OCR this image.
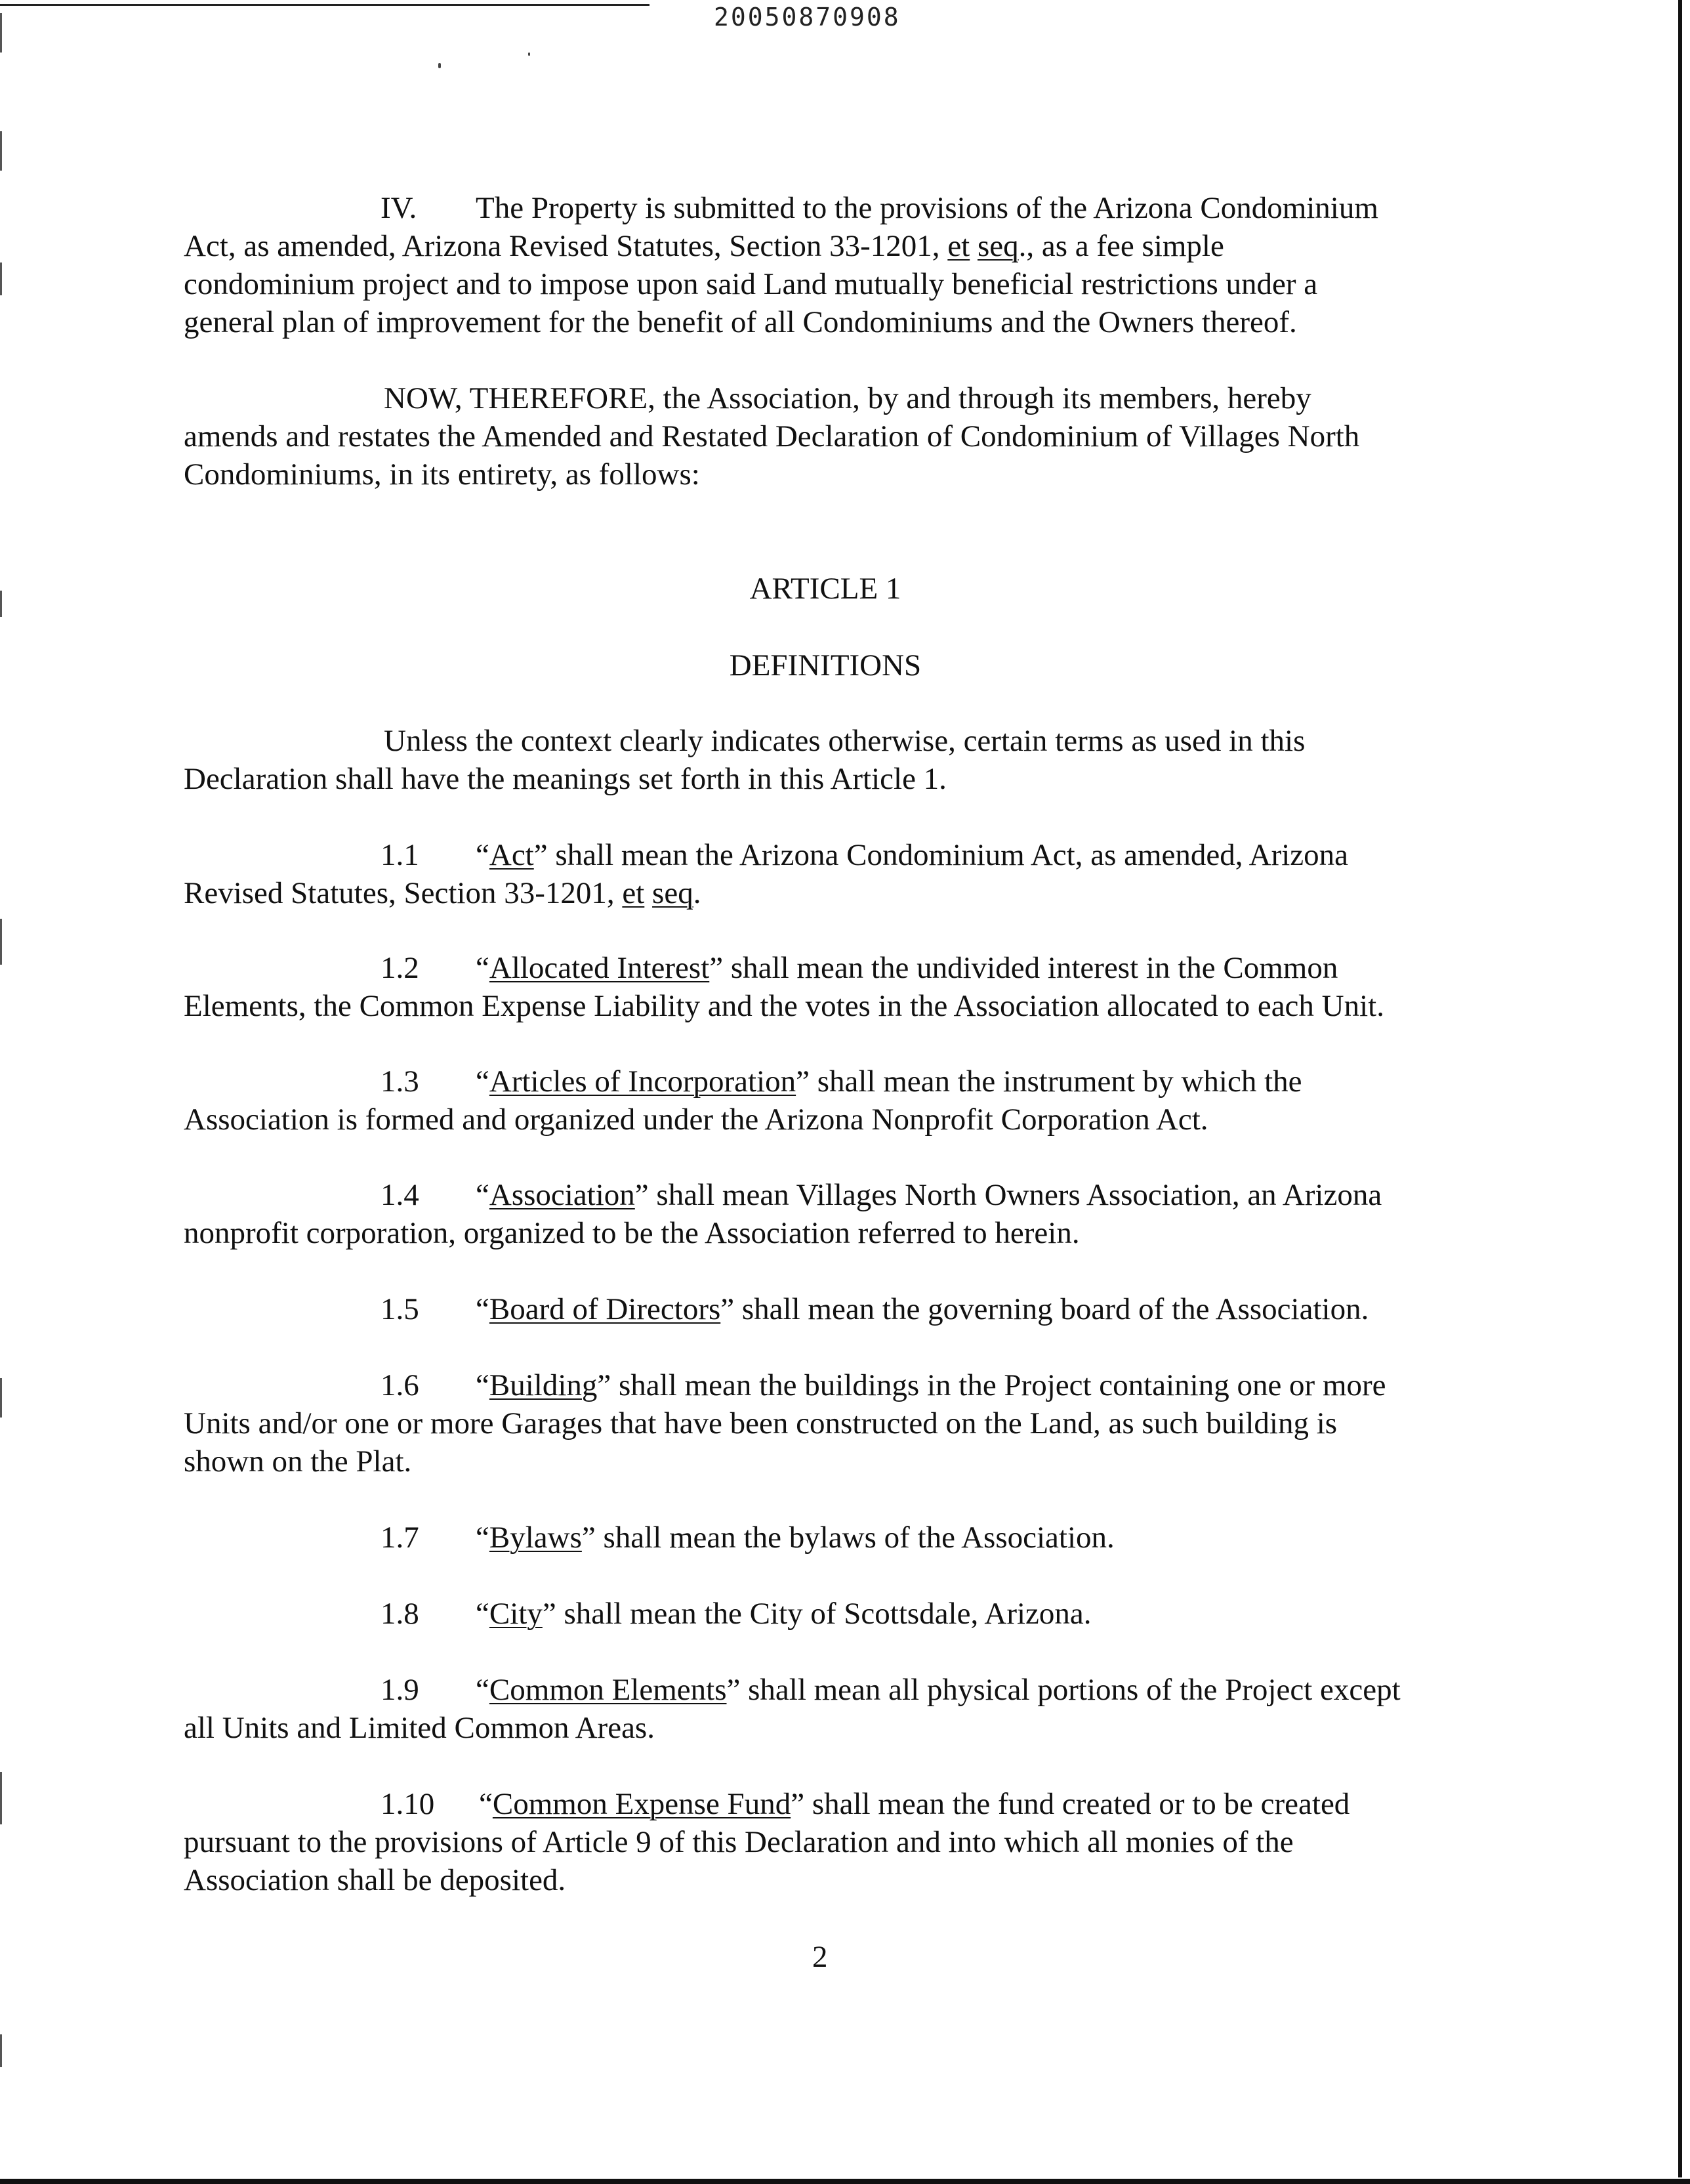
20050870908
IV. The Property is submitted to the provisions of the Arizona Condominium
Act, as amended, Arizona Revised Statutes, Section 33-1201, et seq., as a fee simple
condominium project and to impose upon said Land mutually beneficial restrictions under a
general plan of improvement for the benefit of all Condominiums and the Owners thereof.
NOW, THEREFORE, the Association, by and through its members, hereby
amends and restates the Amended and Restated Declaration of Condominium of Villages North
Condominiums, in its entirety, as follows:
ARTICLE 1
DEFINITIONS
Unless the context clearly indicates otherwise, certain terms as used in this
Declaration shall have the meanings set forth in this Article 1.
1.1 “Act” shall mean the Arizona Condominium Act, as amended, Arizona
Revised Statutes, Section 33-1201, et seq.
1.2 “Allocated Interest” shall mean the undivided interest in the Common
Elements, the Common Expense Liability and the votes in the Association allocated to each Unit.
1.3 “Articles of Incorporation” shall mean the instrument by which the
Association is formed and organized under the Arizona Nonprofit Corporation Act.
1.4 “Association” shall mean Villages North Owners Association, an Arizona
nonprofit corporation, organized to be the Association referred to herein.
1.5 “Board of Directors” shall mean the governing board of the Association.
1.6 “Building” shall mean the buildings in the Project containing one or more
Units and/or one or more Garages that have been constructed on the Land, as such building is
shown on the Plat.
1.7 “Bylaws” shall mean the bylaws of the Association.
1.8 “City” shall mean the City of Scottsdale, Arizona.
1.9 “Common Elements” shall mean all physical portions of the Project except
all Units and Limited Common Areas.
1.10 “Common Expense Fund” shall mean the fund created or to be created
pursuant to the provisions of Article 9 of this Declaration and into which all monies of the
Association shall be deposited.
2
